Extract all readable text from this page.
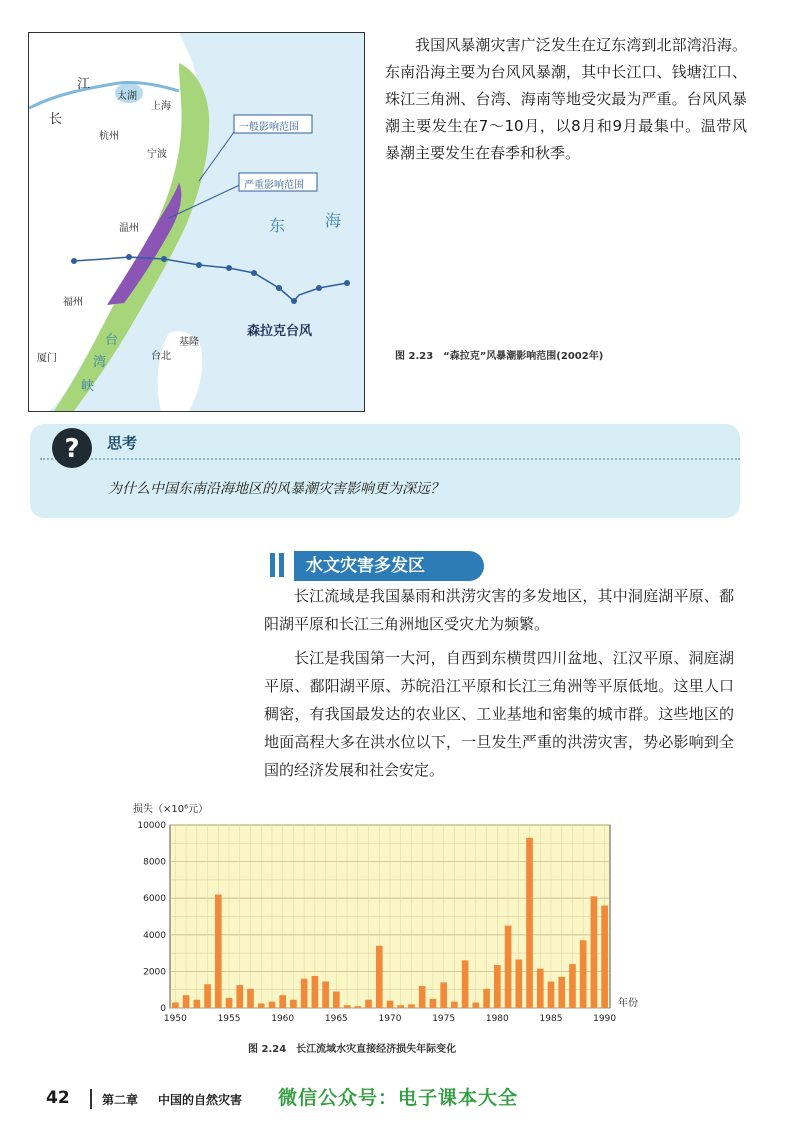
江
长
太湖
上海
杭州
宁波
温州
福州
基隆
台北
厦门
台
湾
峡
东 海
一般影响范围
严重影响范围
森拉克台风
我国风暴潮灾害广泛发生在辽东湾到北部湾沿海。东南沿海主要为台风风暴潮，其中长江口、钱塘江口、珠江三角洲、台湾、海南等地受灾最为严重。台风风暴潮主要发生在7～10月，以8月和9月最集中。温带风暴潮主要发生在春季和秋季。
图 2.23　“森拉克”风暴潮影响范围(2002年)
? 思考
为什么中国东南沿海地区的风暴潮灾害影响更为深远？
水文灾害多发区
长江流域是我国暴雨和洪涝灾害的多发地区，其中洞庭湖平原、鄱阳湖平原和长江三角洲地区受灾尤为频繁。
长江是我国第一大河，自西到东横贯四川盆地、江汉平原、洞庭湖平原、鄱阳湖平原、苏皖沿江平原和长江三角洲等平原低地。这里人口稠密，有我国最发达的农业区、工业基地和密集的城市群。这些地区的地面高程大多在洪水位以下，一旦发生严重的洪涝灾害，势必影响到全国的经济发展和社会安定。
0
2000
4000
6000
8000
10000
1950	1955	1960	1965	1970	1975	1980	1985	1990
损失（×10⁶元）
年份
图 2.24　长江流域水灾直接经济损失年际变化
42	第二章 中国的自然灾害 微信公众号：电子课本大全
